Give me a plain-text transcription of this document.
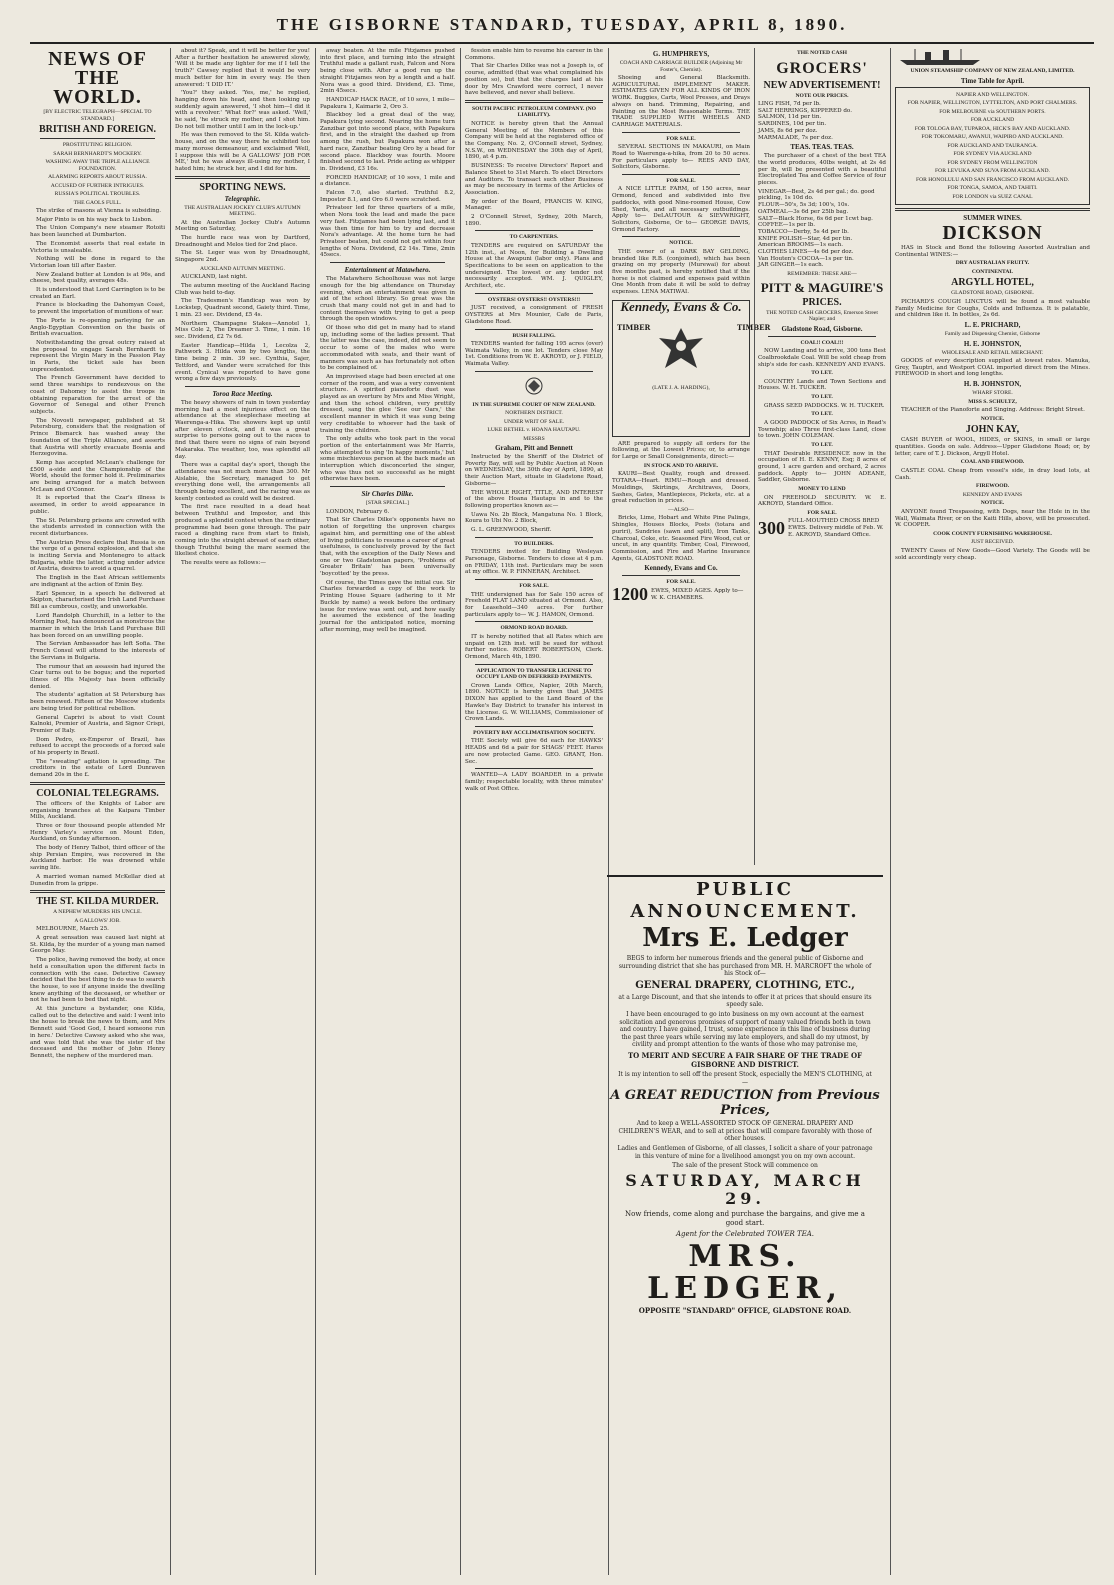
THE GISBORNE STANDARD, TUESDAY, APRIL 8, 1890.
NEWS OF THE WORLD.
[BY ELECTRIC TELEGRAPH—SPECIAL TO STANDARD.]
BRITISH AND FOREIGN.
PROSTITUTING RELIGION.
SARAH BERNHARDT'S MOCKERY.
WASHING AWAY THE TRIPLE ALLIANCE FOUNDATION.
ALARMING REPORTS ABOUT RUSSIA.
ACCUSED OF FURTHER INTRIGUES.
RUSSIA'S POLITICAL TROUBLES.
THE GAOLS FULL.

The strike of masons at Vienna is subsiding.

Major Pinto is on his way back to Lisbon.

The Union Company's new steamer Rotoiti has been launched at Dumbarton.

The Economist asserts that real estate in Victoria is unsaleable.

Nothing will be done in regard to the Victorian loan till after Easter.

New Zealand butter at London is at 96s, and cheese, best quality, averages 48s.

It is understood that Lord Carrington is to be created an Earl.

France is blockading the Dahomyan Coast, to prevent the importation of munitions of war.

The Porte is re-opening parleying for an Anglo-Egyptian Convention on the basis of British evacuation.

Notwithstanding the great outcry raised at the proposal to engage Sarah Bernhardt to represent the Virgin Mary in the Passion Play in Paris, the ticket sale has been unprecedented.

The French Government have decided to send three warships to rendezvous on the coast of Dahomey to assist the troops in obtaining reparation for the arrest of the Governor of Senegal and other French subjects.

The Novosti newspaper, published at St Petersburg, considers that the resignation of Prince Bismarck has washed away the foundation of the Triple Alliance, and asserts that Austria will shortly evacuate Bosnia and Herzegovina.

Kemp has accepted McLean's challenge for £500 a-side and the Championship of the World, should the former hold it. Preliminaries are being arranged for a match between McLean and O'Connor.

It is reported that the Czar's illness is assumed, in order to avoid appearance in public.

The St. Petersburg prisons are crowded with the students arrested in connection with the recent disturbances.

The Austrian Press declare that Russia is on the verge of a general explosion, and that she is inciting Servia and Montenegro to attack Bulgaria, while the latter, acting under advice of Austria, desires to avoid a quarrel.

The English in the East African settlements are indignant at the action of Emin Bey.

Earl Spencer, in a speech he delivered at Skipton, characterised the Irish Land Purchase Bill as cumbrous, costly, and unworkable.

Lord Randolph Churchill, in a letter to the Morning Post, has denounced as monstrous the manner in which the Irish Land Purchase Bill has been forced on an unwilling people.

The Servian Ambassador has left Sofia. The French Consul will attend to the interests of the Servians in Bulgaria.

The rumour that an assassin had injured the Czar turns out to be bogus; and the reported illness of His Majesty has been officially denied.

The students' agitation at St Petersburg has been renewed. Fifteen of the Moscow students are being tried for political rebellion.

General Caprivi is about to visit Count Kalnoki, Premier of Austria, and Signor Crispi, Premier of Italy.

Dom Pedro, ex-Emperor of Brazil, has refused to accept the proceeds of a forced sale of his property in Brazil.

The "sweating" agitation is spreading. The creditors in the estate of Lord Dunraven demand 20s in the £.

COLONIAL TELEGRAMS.

The officers of the Knights of Labor are organising branches at the Kaipara Timber Mills, Auckland.

Three or four thousand people attended Mr Henry Varley's service on Mount Eden, Auckland, on Sunday afternoon.

The body of Henry Talbot, third officer of the ship Persian Empire, was recovered in the Auckland harbor. He was drowned while saving life.

A married woman named McKellar died at Dunedin from la grippe.

THE ST. KILDA MURDER.
A NEPHEW MURDERS HIS UNCLE.
A GALLOWS' JOB.

MELBOURNE, March 25.

A great sensation was caused last night at St. Kilda, by the murder of a young man named George May.

The police, having removed the body, at once held a consultation upon the different facts in connection with the case. Detective Cawsey decided that the best thing to do was to search the house, to see if anyone inside the dwelling knew anything of the deceased, or whether or not he had been to bed that night.

At this juncture a bystander, one Kilda, called out to the detective and said: I went into the house to break the news to them, and Mrs Bennett said 'Good God, I heard someone run in here.' Detective Cawsey asked who she was, and was told that she was the sister of the deceased and the mother of John Henry Bennett, the nephew of the murdered man.

about it? Speak, and it will be better for you! After a further hesitation he answered slowly, 'Will it be made any lighter for me if I tell the truth?' Cawsey replied that it would be very much better for him in every way. He then answered: 'I DID IT.'

'You?' they asked. 'Yes, me,' he replied, hanging down his head, and then looking up suddenly again answered, 'I shot him—I did it with a revolver.' 'What for?' was asked. 'Well,' he said, 'he struck my mother, and I shot him. Do not tell mother until I am in the lock-up.'

He was then removed to the St. Kilda watch-house, and on the way there he exhibited too many morose demeanour, and exclaimed 'Well, I suppose this will be A GALLOWS' JOB FOR ME,' but he was always ill-using my mother, I hated him; he struck her, and I did for him.

SPORTING NEWS.
Telegraphic.
THE AUSTRALIAN JOCKEY CLUB'S AUTUMN MEETING.

At the Australian Jockey Club's Autumn Meeting on Saturday,

The hurdle race was won by Dartford, Dreadnought and Melos tied for 2nd place.

The St. Leger was won by Dreadnought, Singapore 2nd.

AUCKLAND AUTUMN MEETING.

AUCKLAND, last night.

The autumn meeting of the Auckland Racing Club was held to-day.

The Tradesmen's Handicap was won by Lockstep, Quadrant second, Gaiety third. Time, 1 min. 23 sec. Dividend, £5 4s.

Northern Champagne Stakes—Annotel 1, Miss Cole 2, The Dreamer 3. Time, 1 min. 16 sec. Dividend, £2 7s 6d.

Easter Handicap—Hilda 1, Lecolza 2, Pathwork 3. Hilda won by two lengths, the time being 2 min. 39 sec. Cynthia, Sajer, Tettford, and Vander were scratched for this event. Cynical was reported to have gone wrong a few days previously.

Toroa Race Meeting.

The heavy showers of rain in town yesterday morning had a most injurious effect on the attendance at the steeplechase meeting at Waerenga-a-Hika. The showers kept up until after eleven o'clock, and it was a great surprise to persons going out to the races to find that there were no signs of rain beyond Makaraka. The weather, too, was splendid all day.

There was a capital day's sport, though the attendance was not much more than 300. Mr Aislabie, the Secretary, managed to get everything done well, the arrangements all through being excellent, and the racing was as keenly contested as could well be desired.

The first race resulted in a dead heat between Truthful and Impostor, and this produced a splendid contest when the ordinary programme had been gone through. The pair raced a dinghing race from start to finish, coming into the straight abreast of each other, though Truthful being the mare seemed the likeliest choice.

The results were as follows:—

away beaten. At the mile Fitzjames pushed into first place, and turning into the straight Truthful made a gallant rush, Falcon and Nora being close with. After a good run up the straight Fitzjames won by a length and a half. Nora was a good third. Dividend, £3. Time, 2min 45secs.

HANDICAP HACK RACE, of 10 sovs, 1 mile—Papakura 1, Kaimarie 2, Oro 3.

Blackboy led a great deal of the way, Papakura lying second. Nearing the home turn Zanzibar got into second place, with Papakura first, and in the straight the dashed up from among the rush, but Papakura won after a hard race, Zanzibar beating Oro by a head for second place. Blackboy was fourth. Moore finished second to last. Pride acting as whipper in. Dividend, £3 16s.

FORCED HANDICAP, of 10 sovs, 1 mile and a distance.

Falcon 7.0, also started. Truthful 8.2, Impostor 8.1, and Oro 6.0 were scratched.

Privateer led for three quarters of a mile, when Nora took the lead and made the pace very fast. Fitzjames had been lying last, and it was then time for him to try and decrease Nora's advantage. At the home turn he had Privateer beaten, but could not get within four lengths of Nora. Dividend, £2 14s. Time, 2min 45secs.

Entertainment at Matawhero.

The Matawhero Schoolhouse was not large enough for the big attendance on Thursday evening, when an entertainment was given in aid of the school library. So great was the crush that many could not get in and had to content themselves with trying to get a peep through the open windows.

Of those who did get in many had to stand up, including some of the ladies present. That the latter was the case, indeed, did not seem to occur to some of the males who were accommodated with seats, and their want of manners was such as has fortunately not often to be complained of.

An improvised stage had been erected at one corner of the room, and was a very convenient structure. A spirited pianoforte duet was played as an overture by Mrs and Miss Wright, and then the school children, very prettily dressed, sang the glee 'See our Oars,' the excellent manner in which it was sung being very creditable to whoever had the task of training the children.

The only adults who took part in the vocal portion of the entertainment was Mr Harris, who attempted to sing 'In happy moments,' but some mischievous person at the back made an interruption which disconcerted the singer, who was thus not so successful as he might otherwise have been.

Sir Charles Dilke.
[STAR SPECIAL.]

LONDON, February 6.

That Sir Charles Dilke's opponents have no notion of forgetting the unproven charges against him, and permitting one of the ablest of living politicians to resume a career of great usefulness, is conclusively proved by the fact that, with the exception of the Daily News and one or two Gladstonian papers, 'Problems of Greater Britain' has been universally 'boycotted' by the press.

Of course, the Times gave the initial cue. Sir Charles forwarded a copy of the work to Printing House Square (adhering to it Mr Buckle by name) a week before the ordinary issue for review was sent out, and how easily he assumed the existence of the leading journal for the anticipated notice, morning after morning, may well be imagined.

fession enable him to resume his career in the Commons.

That Sir Charles Dilke was not a Joseph is, of course, admitted (that was what complained his position so), but that the charges laid at his door by Mrs Crawford were correct, I never have believed, and never shall believe.

SOUTH PACIFIC PETROLEUM COMPANY. (NO LIABILITY).

NOTICE is hereby given that the Annual General Meeting of the Members of this Company will be held at the registered office of the Company, No. 2, O'Connell street, Sydney, N.S.W., on WEDNESDAY the 30th day of April, 1890, at 4 p.m.

BUSINESS: To receive Directors' Report and Balance Sheet to 31st March. To elect Directors and Auditors. To transact such other Business as may be necessary in terms of the Articles of Association.

By order of the Board, FRANCIS W. KING, Manager.

2 O'Connell Street, Sydney, 20th March, 1890.

TO CARPENTERS.

TENDERS are required on SATURDAY the 12th inst., at Noon, for Building a Dwelling House at the Awapuni (labor only). Plans and Specifications to be seen on application to the undersigned. The lowest or any tender not necessarily accepted. WM. J. QUIGLEY, Architect, etc.

OYSTERS! OYSTERS!! OYSTERS!!!

JUST received, a consignment of FRESH OYSTERS at Mrs Mounier, Cafe de Paris, Gladstone Road.

BUSH FALLING.

TENDERS wanted for falling 195 acres (over) Waimata Valley, in one lot. Tenders close May 1st. Conditions from W. E. AKROYD, or J. FIELD, Waimata Valley.

IN THE SUPREME COURT OF NEW ZEALAND.
NORTHERN DISTRICT.
UNDER WRIT OF SALE.
LUKE BETHEL v. HOANA HAUTAPU.
MESSRS
Graham, Pitt and Bennett

Instructed by the Sheriff of the District of Poverty Bay, will sell by Public Auction at Noon on WEDNESDAY, the 30th day of April, 1890, at their Auction Mart, situate in Gladstone Road, Gisborne—

THE WHOLE RIGHT, TITLE, AND INTEREST of the above Hoana Hautapu in and to the following properties known as:—

Uawa No. 2b Block, Mangatuna No. 1 Block, Koura to Ubi No. 2 Block,

G. L. GREENWOOD, Sheriff.

TO BUILDERS.

TENDERS invited for Building Wesleyan Parsonage, Gisborne. Tenders to close at 4 p.m. on FRIDAY, 11th inst. Particulars may be seen at my office. W. P. FINNERAN, Architect.

FOR SALE.

THE undersigned has for Sale 150 acres of Freehold FLAT LAND situated at Ormond. Also, for Leasehold—340 acres. For further particulars apply to— W. J. HAMON, Ormond.

ORMOND ROAD BOARD.

IT is hereby notified that all Rates which are unpaid on 12th inst. will be sued for without further notice. ROBERT ROBERTSON, Clerk. Ormond, March 4th, 1890.

APPLICATION TO TRANSFER LICENSE TO OCCUPY LAND ON DEFERRED PAYMENTS.

Crown Lands Office, Napier, 20th March, 1890. NOTICE is hereby given that JAMES DIXON has applied to the Land Board of the Hawke's Bay District to transfer his interest in the License. G. W. WILLIAMS, Commissioner of Crown Lands.

POVERTY BAY ACCLIMATISATION SOCIETY.

THE Society will give 6d each for HAWKS' HEADS and 6d a pair for SHAGS' FEET. Hares are now protected Game. GEO. GRANT, Hon. Sec.

WANTED—A LADY BOARDER in a private family; respectable locality, with three minutes' walk of Post Office.

G. HUMPHREYS,
COACH AND CARRIAGE BUILDER (Adjoining Mr Foster's, Chemist).

Shoeing and General Blacksmith. AGRICULTURAL IMPLEMENT MAKER. ESTIMATES GIVEN FOR ALL KINDS OF IRON WORK. Buggies, Carts, Wool Presses, and Drays always on hand. Trimming, Repairing, and Painting on the Most Reasonable Terms. THE TRADE SUPPLIED WITH WHEELS AND CARRIAGE MATERIALS.

FOR SALE.

SEVERAL SECTIONS IN MAKAURI, on Main Road to Waerenga-a-hika, from 20 to 50 acres. For particulars apply to— REES AND DAY, Solicitors, Gisborne.

FOR SALE.

A NICE LITTLE FARM, of 150 acres, near Ormond, fenced and subdivided into five paddocks, with good Nine-roomed House, Cow Shed, Yards, and all necessary outbuildings. Apply to— DeLAUTOUR & SIEVWRIGHT, Solicitors, Gisborne, Or to— GEORGE DAVIS, Ormond Factory.

NOTICE.

THE owner of a DARK BAY GELDING, branded like R.B. (conjoined), which has been grazing on my property (Murewai) for about five months past, is hereby notified that if the horse is not claimed and expenses paid within One Month from date it will be sold to defray expenses. LENA MATIWAI.

Kennedy, Evans & Co.
TIMBER	TIMBER
(LATE J. A. HARDING),

ARE prepared to supply all orders for the following, at the Lowest Prices; or, to arrange for Large or Small Consignments, direct:—

IN STOCK AND TO ARRIVE.

KAURI—Best Quality, rough and dressed. TOTARA—Heart. RIMU—Rough and dressed. Mouldings, Skirtings, Architraves, Doors, Sashes, Gates, Mantlepieces, Pickets, etc. at a great reduction in prices.

—ALSO—

Bricks, Lime, Hobart and White Pine Palings, Shingles, Houses Blocks, Posts (totara and puriri), Sundries (sawn and split), Iron Tanks, Charcoal, Coke, etc. Seasoned Fire Wood, cut or uncut, in any quantity. Timber, Coal, Firewood, Commission, and Fire and Marine Insurance Agents, GLADSTONE ROAD.

Kennedy, Evans and Co.
FOR SALE.
1200 EWES, MIXED AGES. Apply to— W. K. CHAMBERS.
THE NOTED CASH
GROCERS'
NEW ADVERTISEMENT!
NOTE OUR PRICES.
LING FISH, 7d per lb.
SALT HERRINGS, KIPPERED do.
SALMON, 11d per tin.
SARDINES, 10d per tin.
JAMS, 8s 6d per doz.
MARMALADE, 7s per doz.
TEAS. TEAS. TEAS.

The purchaser of a chest of the best TEA the world produces, 40lbs weight, at 2s 4d per lb, will be presented with a beautiful Electroplated Tea and Coffee Service of four pieces.

VINEGAR—Best, 2s 4d per gal.; do. good pickling, 1s 10d do.
FLOUR—50's, 5s 3d; 100's, 10s.
OATMEAL—3s 6d per 25lb bag.
SALT—Black Horse, 6s 6d per 1cwt bag.
COFFEE—1s per lb.
TOBACCO—Derby, 5s 4d per lb.
KNIFE POLISH—Star, 4d per tin.
American BROOMS—1s each.
CLOTHES LINES—4s 6d per doz.
Van Houten's COCOA—1s per tin.
JAR GINGER—1s each.
REMEMBER: THESE ARE—
PITT & MAGUIRE'S
PRICES.
THE NOTED CASH GROCERS, Emerson Street Napier; and
Gladstone Road, Gisborne.
COAL!! COAL!!!

NOW Landing and to arrive, 300 tons Best Coalbrookdale Coal. Will be sold cheap from ship's side for cash. KENNEDY AND EVANS.

TO LET.

COUNTRY Lands and Town Sections and Houses. W. H. TUCKER.

TO LET.

GRASS SEED PADDOCKS. W. H. TUCKER.

TO LET.

A GOOD PADDOCK of Six Acres, in Read's Township; also Three first-class Land, close to town. JOHN COLEMAN.

TO LET.

THAT Desirable RESIDENCE now in the occupation of H. E. KENNY, Esq; 8 acres of ground, 1 acre garden and orchard, 2 acres paddock. Apply to— JOHN ADEANE, Saddler, Gisborne.

MONEY TO LEND

ON FREEHOLD SECURITY. W. E. AKROYD, Standard Office.

FOR SALE.
300 FULL-MOUTHED CROSS BRED EWES. Delivery middle of Feb. W. E. AKROYD, Standard Office.
PUBLIC ANNOUNCEMENT.
Mrs E. Ledger

BEGS to inform her numerous friends and the general public of Gisborne and surrounding district that she has purchased from MR. H. MARCROFT the whole of his Stock of—

GENERAL DRAPERY, CLOTHING, ETC.,

at a Large Discount, and that she intends to offer it at prices that should ensure its speedy sale.

I have been encouraged to go into business on my own account at the earnest solicitation and generous promises of support of many valued friends both in town and country. I have gained, I trust, some experience in this line of business during the past three years while serving my late employers, and shall do my utmost, by civility and prompt attention to the wants of those who may patronise me,

TO MERIT AND SECURE A FAIR SHARE OF THE TRADE OF GISBORNE AND DISTRICT.

It is my intention to sell off the present Stock, especially the MEN'S CLOTHING, at—

A GREAT REDUCTION from Previous Prices,

And to keep a WELL-ASSORTED STOCK OF GENERAL DRAPERY AND CHILDREN'S WEAR, and to sell at prices that will compare favorably with those of other houses.

Ladies and Gentlemen of Gisborne, of all classes, I solicit a share of your patronage in this venture of mine for a livelihood amongst you on my own account.

The sale of the present Stock will commence on

SATURDAY, MARCH 29.

Now friends, come along and purchase the bargains, and give me a good start.

Agent for the Celebrated TOWER TEA.

MRS. LEDGER,
OPPOSITE "STANDARD" OFFICE, GLADSTONE ROAD.
UNION STEAMSHIP COMPANY OF NEW ZEALAND, LIMITED.
Time Table for April.
NAPIER AND WELLINGTON.
FOR NAPIER, WELLINGTON, LYTTELTON, AND PORT CHALMERS.
FOR MELBOURNE via SOUTHERN PORTS.
FOR AUCKLAND
FOR TOLOGA BAY, TUPAROA, HICK'S BAY AND AUCKLAND.
FOR TOKOMARU, AWANUI, WAIPIRO AND AUCKLAND.
FOR AUCKLAND AND TAURANGA.
FOR SYDNEY VIA AUCKLAND
FOR SYDNEY FROM WELLINGTON
FOR LEVUKA AND SUVA FROM AUCKLAND.
FOR HONOLULU AND SAN FRANCISCO FROM AUCKLAND.
FOR TONGA, SAMOA, AND TAHITI.
FOR LONDON via SUEZ CANAL
SUMMER WINES.
DICKSON

HAS in Stock and Bond the following Assorted Australian and Continental WINES:—

DRY AUSTRALIAN FRUITY.
CONTINENTAL
ARGYLL HOTEL,
GLADSTONE ROAD, GISBORNE.

PICHARD'S COUGH LINCTUS will be found a most valuable Family Medicine for Coughs, Colds and Influenza. It is palatable, and children like it. In bottles, 2s 6d.

L. E. PRICHARD,
Family and Dispensing Chemist, Gisborne
H. E. JOHNSTON,
WHOLESALE AND RETAIL MERCHANT.

GOODS of every description supplied at lowest rates. Manuka, Grey, Tauptri, and Westport COAL imported direct from the Mines. FIREWOOD in short and long lengths.

H. B. JOHNSTON,
WHARF STORE.
MISS S. SCHULTZ,

TEACHER of the Pianoforte and Singing. Address: Bright Street.

NOTICE.
JOHN KAY,

CASH BUYER of WOOL, HIDES, or SKINS, in small or large quantities. Goods on sale. Address—Upper Gladstone Road; or, by letter, care of T. J. Dickson, Argyll Hotel.

COAL AND FIREWOOD.

CASTLE COAL Cheap from vessel's side, in dray load lots, at Cash.

FIREWOOD.
KENNEDY AND EVANS
NOTICE.

ANYONE found Trespassing, with Dogs, near the Hole in in the Wall, Waimata River, or on the Kaiti Hills, above, will be prosecuted. W. COOPER.

COOK COUNTY FURNISHING WAREHOUSE.
JUST RECEIVED.

TWENTY Cases of New Goods—Good Variety. The Goods will be sold accordingly very cheap.
